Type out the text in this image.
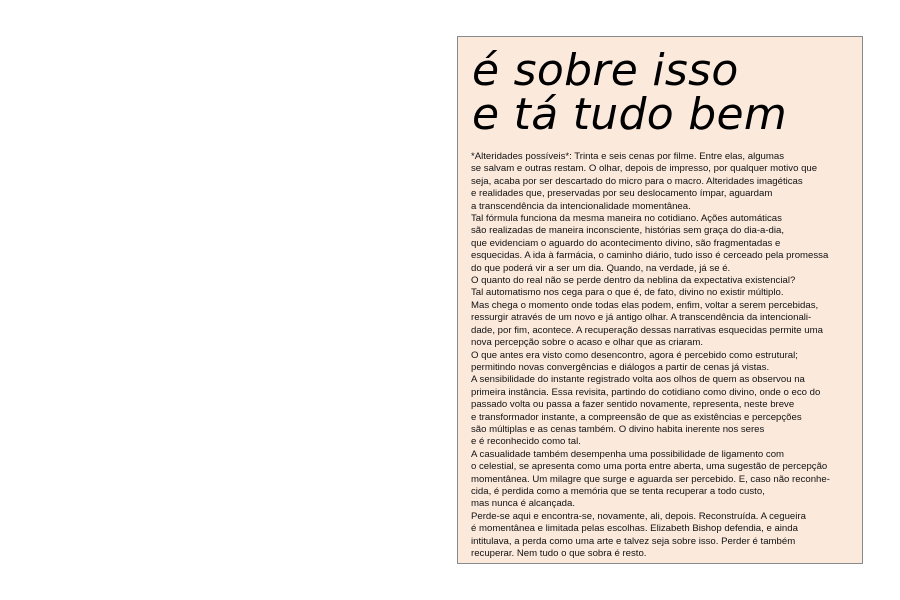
é sobre isso
e tá tudo bem
*Alteridades possíveis*: Trinta e seis cenas por filme. Entre elas, algumas
se salvam e outras restam. O olhar, depois de impresso, por qualquer motivo que
seja, acaba por ser descartado do micro para o macro. Alteridades imagéticas
e realidades que, preservadas por seu deslocamento ímpar, aguardam
a transcendência da intencionalidade momentânea.
Tal fórmula funciona da mesma maneira no cotidiano. Ações automáticas
são realizadas de maneira inconsciente, histórias sem graça do dia-a-dia,
que evidenciam o aguardo do acontecimento divino, são fragmentadas e
esquecidas. A ida à farmácia, o caminho diário, tudo isso é cerceado pela promessa
do que poderá vir a ser um dia. Quando, na verdade, já se é.
O quanto do real não se perde dentro da neblina da expectativa existencial?
Tal automatismo nos cega para o que é, de fato, divino no existir múltiplo.
Mas chega o momento onde todas elas podem, enfim, voltar a serem percebidas,
ressurgir através de um novo e já antigo olhar. A transcendência da intencionali-
dade, por fim, acontece. A recuperação dessas narrativas esquecidas permite uma
nova percepção sobre o acaso e olhar que as criaram.
O que antes era visto como desencontro, agora é percebido como estrutural;
permitindo novas convergências e diálogos a partir de cenas já vistas.
A sensibilidade do instante registrado volta aos olhos de quem as observou na
primeira instância. Essa revisita, partindo do cotidiano como divino, onde o eco do
passado volta ou passa a fazer sentido novamente, representa, neste breve
e transformador instante, a compreensão de que as existências e percepções
são múltiplas e as cenas também. O divino habita inerente nos seres
e é reconhecido como tal.
A casualidade também desempenha uma possibilidade de ligamento com
o celestial, se apresenta como uma porta entre aberta, uma sugestão de percepção
momentânea. Um milagre que surge e aguarda ser percebido. E, caso não reconhe-
cida, é perdida como a memória que se tenta recuperar a todo custo,
mas nunca é alcançada.
Perde-se aqui e encontra-se, novamente, ali, depois. Reconstruída. A cegueira
é momentânea e limitada pelas escolhas. Elizabeth Bishop defendia, e ainda
intitulava, a perda como uma arte e talvez seja sobre isso. Perder é também
recuperar. Nem tudo o que sobra é resto.
